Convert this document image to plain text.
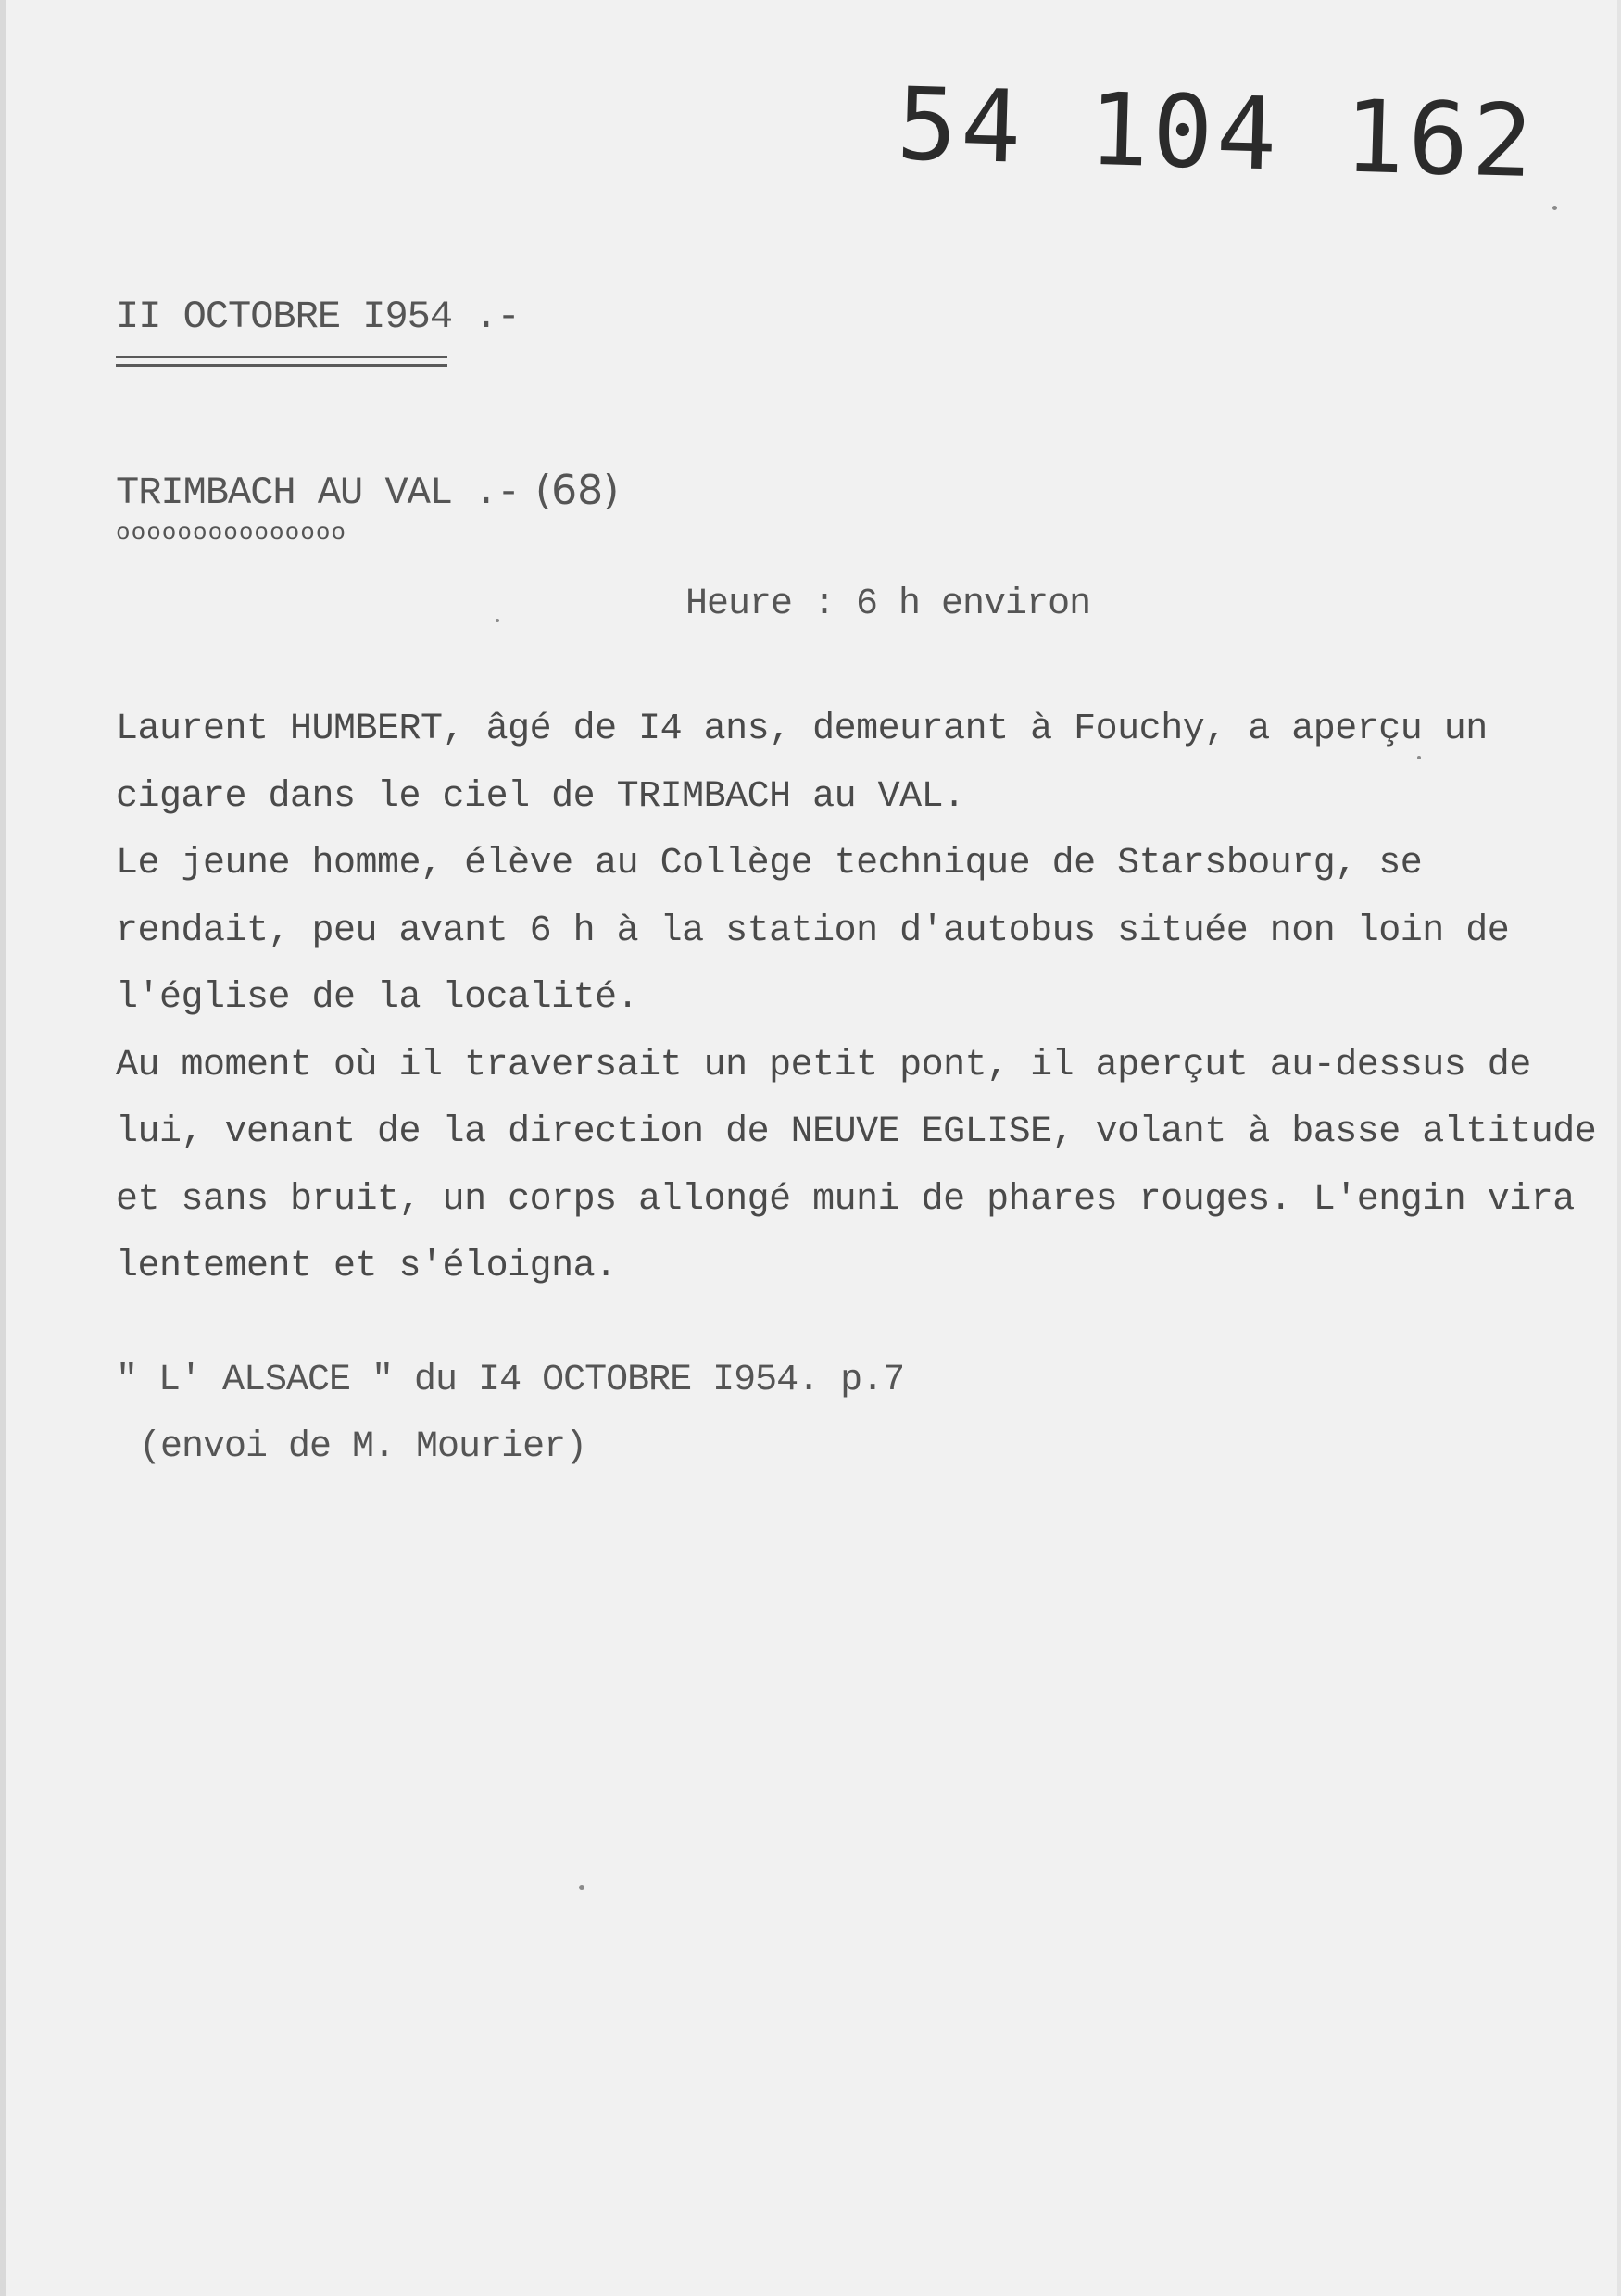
54 104 162
II OCTOBRE I954 .-
TRIMBACH AU VAL .- (68)
ooooooooooooooo
Heure : 6 h environ
Laurent HUMBERT, âgé de I4 ans, demeurant à Fouchy, a aperçu un
cigare dans le ciel de TRIMBACH au VAL.
Le jeune homme, élève au Collège technique de Starsbourg, se
rendait, peu avant 6 h à la station d'autobus située non loin de
l'église de la localité.
Au moment où il traversait un petit pont, il aperçut au-dessus de
lui, venant de la direction de NEUVE EGLISE, volant à basse altitude
et sans bruit, un corps allongé muni de phares rouges. L'engin vira
lentement et s'éloigna.
" L' ALSACE " du I4 OCTOBRE I954. p.7
(envoi de M. Mourier)
